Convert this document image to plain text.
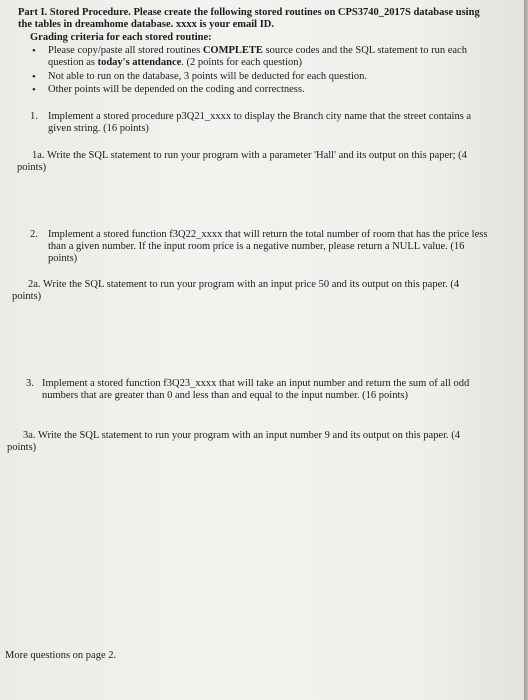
Part I. Stored Procedure. Please create the following stored routines on CPS3740_2017S database using
the tables in dreamhome database. xxxx is your email ID.
Grading criteria for each stored routine:
• Please copy/paste all stored routines COMPLETE source codes and the SQL statement to run each
question as today's attendance. (2 points for each question)
• Not able to run on the database, 3 points will be deducted for each question.
• Other points will be depended on the coding and correctness.
1. Implement a stored procedure p3Q21_xxxx to display the Branch city name that the street contains a
given string. (16 points)
1a. Write the SQL statement to run your program with a parameter 'Hall' and its output on this paper; (4
points)
2. Implement a stored function f3Q22_xxxx that will return the total number of room that has the price less
than a given number. If the input room price is a negative number, please return a NULL value. (16
points)
2a. Write the SQL statement to run your program with an input price 50 and its output on this paper. (4
points)
3. Implement a stored function f3Q23_xxxx that will take an input number and return the sum of all odd
numbers that are greater than 0 and less than and equal to the input number. (16 points)
3a. Write the SQL statement to run your program with an input number 9 and its output on this paper. (4
points)
More questions on page 2.
